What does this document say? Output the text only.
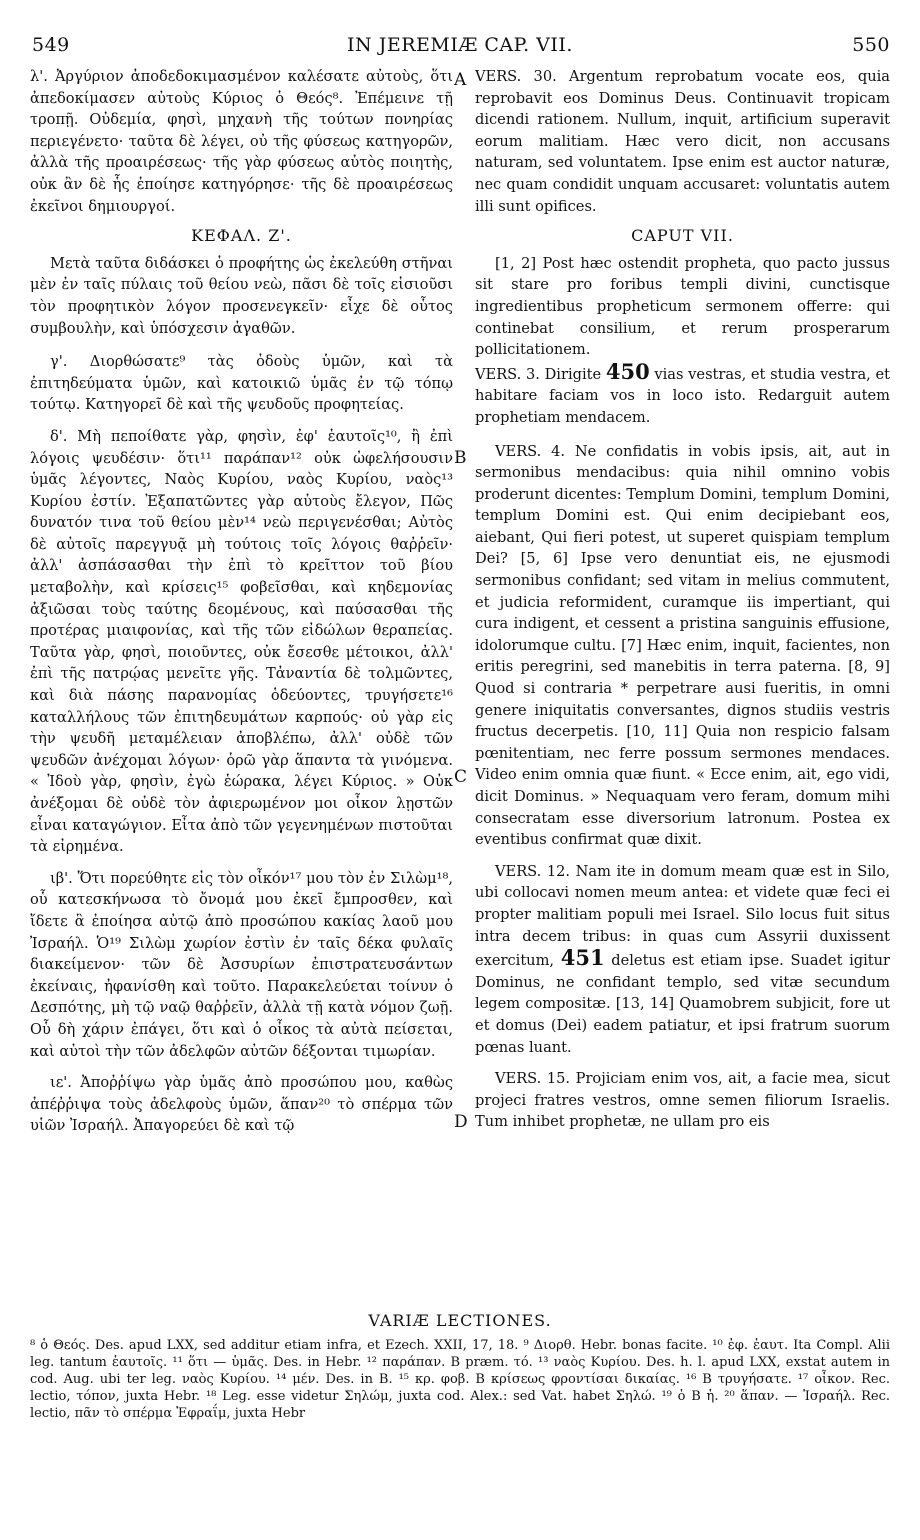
549	IN JEREMIÆ CAP. VII.	550
A
B
C
D

λ'. Ἀργύριον ἀποδεδοκιμασμένον καλέσατε αὐτοὺς, ὅτι ἀπεδοκίμασεν αὐτοὺς Κύριος ὁ Θεός⁸. Ἐπέμεινε τῇ τροπῇ. Οὐδεμία, φησὶ, μηχανὴ τῆς τούτων πονηρίας περιεγένετο· ταῦτα δὲ λέγει, οὐ τῆς φύσεως κατηγορῶν, ἀλλὰ τῆς προαιρέσεως· τῆς γὰρ φύσεως αὐτὸς ποιητὴς, οὐκ ἂν δὲ ἧς ἐποίησε κατηγόρησε· τῆς δὲ προαιρέσεως ἐκεῖνοι δημιουργοί.

ΚΕΦΑΛ. Ζ'.

Μετὰ ταῦτα διδάσκει ὁ προφήτης ὡς ἐκελεύθη στῆναι μὲν ἐν ταῖς πύλαις τοῦ θείου νεὼ, πᾶσι δὲ τοῖς εἰσιοῦσι τὸν προφητικὸν λόγον προσενεγκεῖν· εἶχε δὲ οὗτος συμβουλὴν, καὶ ὑπόσχεσιν ἀγαθῶν.

γ'. Διορθώσατε⁹ τὰς ὁδοὺς ὑμῶν, καὶ τὰ ἐπιτηδεύματα ὑμῶν, καὶ κατοικιῶ ὑμᾶς ἐν τῷ τόπῳ τούτῳ. Κατηγορεῖ δὲ καὶ τῆς ψευδοῦς προφητείας.

δ'. Μὴ πεποίθατε γὰρ, φησὶν, ἐφ' ἑαυτοῖς¹⁰, ἢ ἐπὶ λόγοις ψευδέσιν· ὅτι¹¹ παράπαν¹² οὐκ ὠφελήσουσιν ὑμᾶς λέγοντες, Ναὸς Κυρίου, ναὸς Κυρίου, ναὸς¹³ Κυρίου ἐστίν. Ἐξαπατῶντες γὰρ αὐτοὺς ἔλεγον, Πῶς δυνατόν τινα τοῦ θείου μὲν¹⁴ νεὼ περιγενέσθαι; Αὐτὸς δὲ αὐτοῖς παρεγγυᾷ μὴ τούτοις τοῖς λόγοις θαῤῥεῖν· ἀλλ' ἀσπάσασθαι τὴν ἐπὶ τὸ κρεῖττον τοῦ βίου μεταβολὴν, καὶ κρίσεις¹⁵ φοβεῖσθαι, καὶ κηδεμονίας ἀξιῶσαι τοὺς ταύτης δεομένους, καὶ παύσασθαι τῆς προτέρας μιαιφονίας, καὶ τῆς τῶν εἰδώλων θεραπείας. Ταῦτα γὰρ, φησὶ, ποιοῦντες, οὐκ ἔσεσθε μέτοικοι, ἀλλ' ἐπὶ τῆς πατρῴας μενεῖτε γῆς. Τἀναντία δὲ τολμῶντες, καὶ διὰ πάσης παρανομίας ὁδεύοντες, τρυγήσετε¹⁶ καταλλήλους τῶν ἐπιτηδευμάτων καρπούς· οὐ γὰρ εἰς τὴν ψευδῆ μεταμέλειαν ἀποβλέπω, ἀλλ' οὐδὲ τῶν ψευδῶν ἀνέχομαι λόγων· ὁρῶ γὰρ ἅπαντα τὰ γινόμενα. « Ἰδοὺ γὰρ, φησὶν, ἐγὼ ἑώρακα, λέγει Κύριος. » Οὐκ ἀνέξομαι δὲ οὐδὲ τὸν ἀφιερωμένον μοι οἶκον λῃστῶν εἶναι καταγώγιον. Εἶτα ἀπὸ τῶν γεγενημένων πιστοῦται τὰ εἰρημένα.

ιβ'. Ὅτι πορεύθητε εἰς τὸν οἶκόν¹⁷ μου τὸν ἐν Σιλὼμ¹⁸, οὗ κατεσκήνωσα τὸ ὄνομά μου ἐκεῖ ἔμπροσθεν, καὶ ἴδετε ἃ ἐποίησα αὐτῷ ἀπὸ προσώπου κακίας λαοῦ μου Ἰσραήλ. Ὁ¹⁹ Σιλὼμ χωρίον ἐστὶν ἐν ταῖς δέκα φυλαῖς διακείμενον· τῶν δὲ Ἀσσυρίων ἐπιστρατευσάντων ἐκείναις, ἠφανίσθη καὶ τοῦτο. Παρακελεύεται τοίνυν ὁ Δεσπότης, μὴ τῷ ναῷ θαῤῥεῖν, ἀλλὰ τῇ κατὰ νόμον ζωῇ. Οὗ δὴ χάριν ἐπάγει, ὅτι καὶ ὁ οἶκος τὰ αὐτὰ πείσεται, καὶ αὐτοὶ τὴν τῶν ἀδελφῶν αὐτῶν δέξονται τιμωρίαν.

ιε'. Ἀποῤῥίψω γὰρ ὑμᾶς ἀπὸ προσώπου μου, καθὼς ἀπέῤῥιψα τοὺς ἀδελφοὺς ὑμῶν, ἅπαν²⁰ τὸ σπέρμα τῶν υἱῶν Ἰσραήλ. Ἀπαγορεύει δὲ καὶ τῷ

VERS. 30. Argentum reprobatum vocate eos, quia reprobavit eos Dominus Deus. Continuavit tropicam dicendi rationem. Nullum, inquit, artificium superavit eorum malitiam. Hæc vero dicit, non accusans naturam, sed voluntatem. Ipse enim est auctor naturæ, nec quam condidit unquam accusaret: voluntatis autem illi sunt opifices.

CAPUT VII.

[1, 2] Post hæc ostendit propheta, quo pacto jussus sit stare pro foribus templi divini, cunctisque ingredientibus propheticum sermonem offerre: qui continebat consilium, et rerum prosperarum pollicitationem.

VERS. 3. Dirigite 450 vias vestras, et studia vestra, et habitare faciam vos in loco isto. Redarguit autem prophetiam mendacem.

VERS. 4. Ne confidatis in vobis ipsis, ait, aut in sermonibus mendacibus: quia nihil omnino vobis proderunt dicentes: Templum Domini, templum Domini, templum Domini est. Qui enim decipiebant eos, aiebant, Qui fieri potest, ut superet quispiam templum Dei? [5, 6] Ipse vero denuntiat eis, ne ejusmodi sermonibus confidant; sed vitam in melius commutent, et judicia reformident, curamque iis impertiant, qui cura indigent, et cessent a pristina sanguinis effusione, idolorumque cultu. [7] Hæc enim, inquit, facientes, non eritis peregrini, sed manebitis in terra paterna. [8, 9] Quod si contraria * perpetrare ausi fueritis, in omni genere iniquitatis conversantes, dignos studiis vestris fructus decerpetis. [10, 11] Quia non respicio falsam pœnitentiam, nec ferre possum sermones mendaces. Video enim omnia quæ fiunt. « Ecce enim, ait, ego vidi, dicit Dominus. » Nequaquam vero feram, domum mihi consecratam esse diversorium latronum. Postea ex eventibus confirmat quæ dixit.

VERS. 12. Nam ite in domum meam quæ est in Silo, ubi collocavi nomen meum antea: et videte quæ feci ei propter malitiam populi mei Israel. Silo locus fuit situs intra decem tribus: in quas cum Assyrii duxissent exercitum, 451 deletus est etiam ipse. Suadet igitur Dominus, ne confidant templo, sed vitæ secundum legem compositæ. [13, 14] Quamobrem subjicit, fore ut et domus (Dei) eadem patiatur, et ipsi fratrum suorum pœnas luant.

VERS. 15. Projiciam enim vos, ait, a facie mea, sicut projeci fratres vestros, omne semen filiorum Israelis. Tum inhibet prophetæ, ne ullam pro eis

VARIÆ LECTIONES.

⁸ ὁ Θεός. Des. apud LXX, sed additur etiam infra, et Ezech. XXII, 17, 18. ⁹ Διορθ. Hebr. bonas facite. ¹⁰ ἐφ. ἑαυτ. Ita Compl. Alii leg. tantum ἑαυτοῖς. ¹¹ ὅτι — ὑμᾶς. Des. in Hebr. ¹² παράπαν. B præm. τό. ¹³ ναὸς Κυρίου. Des. h. l. apud LXX, exstat autem in cod. Aug. ubi ter leg. ναὸς Κυρίου. ¹⁴ μέν. Des. in B. ¹⁵ κρ. φοβ. B κρίσεως φροντίσαι δικαίας. ¹⁶ B τρυγήσατε. ¹⁷ οἶκον. Rec. lectio, τόπον, juxta Hebr. ¹⁸ Leg. esse videtur Σηλώμ, juxta cod. Alex.: sed Vat. habet Σηλώ. ¹⁹ ὁ B ἡ. ²⁰ ἅπαν. — Ἰσραήλ. Rec. lectio, πᾶν τὸ σπέρμα Ἐφραΐμ, juxta Hebr
